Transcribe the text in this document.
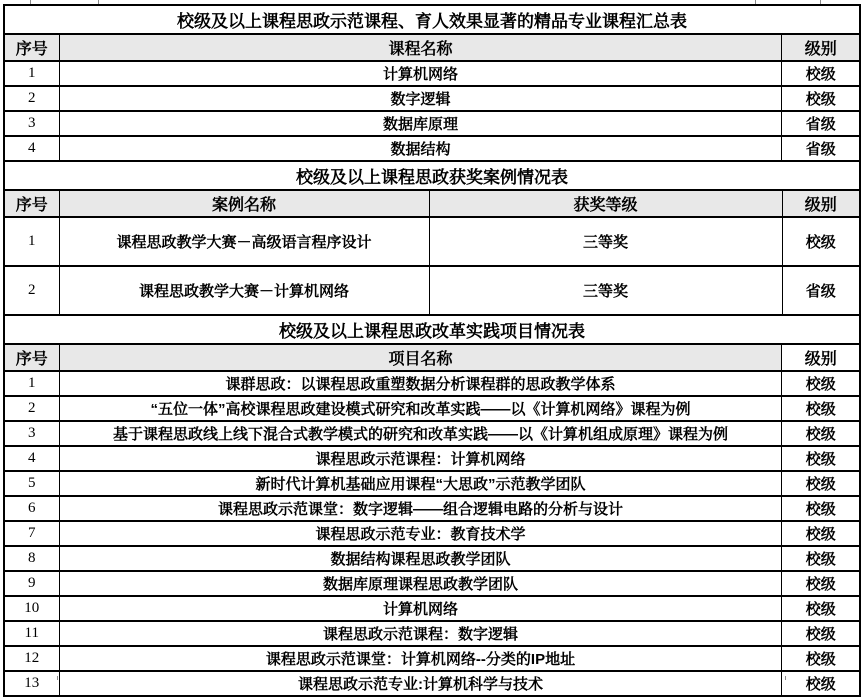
校级及以上课程思政示范课程、育人效果显著的精品专业课程汇总表		
序号	课程名称	级别
1	计算机网络	校级
2	数字逻辑	校级
3	数据库原理	省级
4	数据结构	省级
校级及以上课程思政获奖案例情况表			
序号	案例名称	获奖等级	级别
1	课程思政教学大赛－高级语言程序设计	三等奖	校级
2	课程思政教学大赛－计算机网络	三等奖	省级
校级及以上课程思政改革实践项目情况表		
序号	项目名称	级别
1	课群思政：以课程思政重塑数据分析课程群的思政教学体系	校级
2	“五位一体”高校课程思政建设模式研究和改革实践——以《计算机网络》课程为例	校级
3	基于课程思政线上线下混合式教学模式的研究和改革实践——以《计算机组成原理》课程为例	校级
4	课程思政示范课程：计算机网络	校级
5	新时代计算机基础应用课程“大思政”示范教学团队	校级
6	课程思政示范课堂：数字逻辑——组合逻辑电路的分析与设计	校级
7	课程思政示范专业：教育技术学	校级
8	数据结构课程思政教学团队	校级
9	数据库原理课程思政教学团队	校级
10	计算机网络	校级
11	课程思政示范课程：数字逻辑	校级
12	课程思政示范课堂：计算机网络--分类的IP地址	校级
13	课程思政示范专业:计算机科学与技术	校级
